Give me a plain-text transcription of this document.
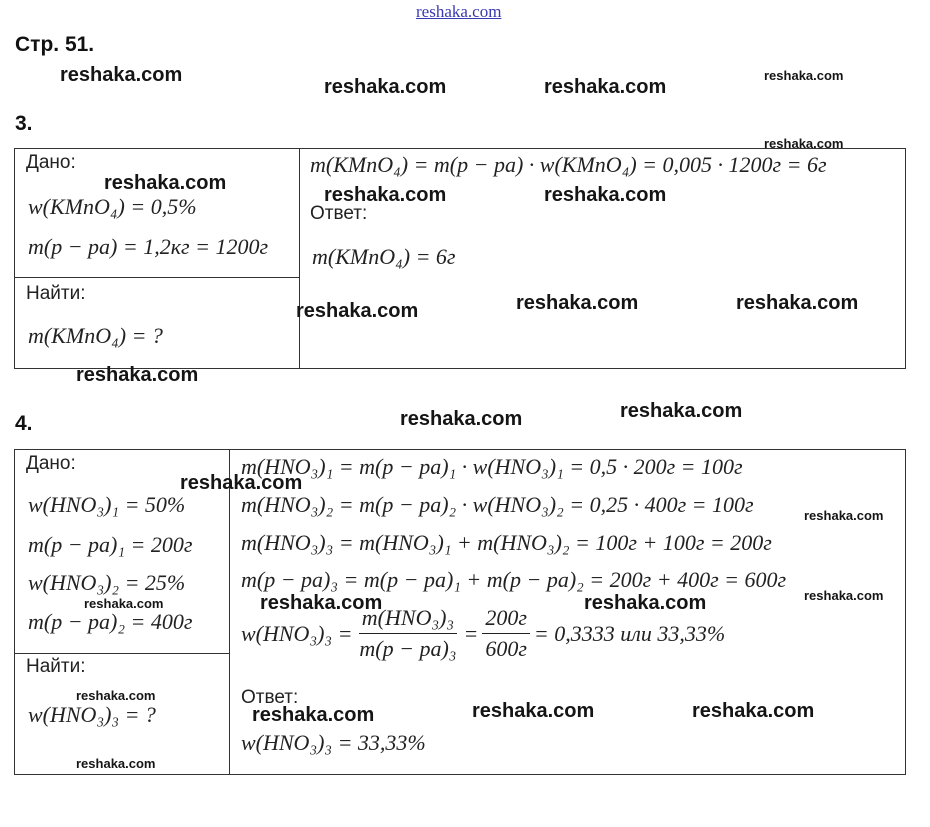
reshaka.com
Стр. 51.
3.
Дано:
w(KMnO₄) = 0,5%
m(p − pa) = 1,2кг = 1200г
Найти:
m(KMnO₄) = ?
m(KMnO₄) = m(p − pa) · w(KMnO₄) = 0,005 · 1200г = 6г
Ответ:
m(KMnO₄) = 6г
4.
Дано:
w(HNO₃)₁ = 50%
m(p − pa)₁ = 200г
w(HNO₃)₂ = 25%
m(p − pa)₂ = 400г
Найти:
w(HNO₃)₃ = ?
m(HNO₃)₁ = m(p − pa)₁ · w(HNO₃)₁ = 0,5 · 200г = 100г
m(HNO₃)₂ = m(p − pa)₂ · w(HNO₃)₂ = 0,25 · 400г = 100г
m(HNO₃)₃ = m(HNO₃)₁ + m(HNO₃)₂ = 100г + 100г = 200г
m(p − pa)₃ = m(p − pa)₁ + m(p − pa)₂ = 200г + 400г = 600г
$w(HNO_3)_3 = \frac{\text{m(HNO₃)₃}}{\text{m(p − pa)₃}} = \frac{200г}{600г} = 0,3333$ или 33,33%
Ответ:
w(HNO₃)₃ = 33,33%
reshaka.com
reshaka.com	reshaka.com
reshaka.com
reshaka.com
reshaka.com
reshaka.com	reshaka.com
reshaka.com	reshaka.com	reshaka.com
reshaka.com
reshaka.com	reshaka.com
reshaka.com
reshaka.com
reshaka.com	reshaka.com	reshaka.com	reshaka.com
reshaka.com
reshaka.com	reshaka.com	reshaka.com
reshaka.com
